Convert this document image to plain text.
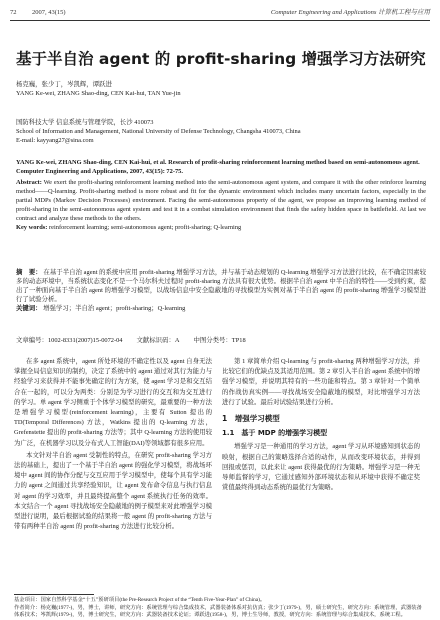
72 2007, 43(15)	Computer Engineering and Applications 计算机工程与应用
基于半自治 agent 的 profit-sharing 增强学习方法研究

杨克巍，张少丁，岑凯辉，谭跃进

YANG Ke-wei, ZHANG Shao-ding, CEN Kai-hui, TAN Yue-jin

国防科技大学 信息系统与管理学院，长沙 410073

School of Information and Management, National University of Defense Technology, Changsha 410073, China

E-mail: kayyang27@sina.com

YANG Ke-wei, ZHANG Shao-ding, CEN Kai-hui, et al. Research of profit-sharing reinforcement learning method based on semi-autonomous agent. Computer Engineering and Applications, 2007, 43(15): 72-75.

Abstract: We exert the profit-sharing reinforcement learning method into the semi-autonomous agent system, and compare it with the other reinforce learning method——Q-learning. Profit-sharing method is more robust and fit for the dynamic environment which includes many uncertain factors, especially in the partial MDPs (Markov Decision Processes) environment. Facing the semi-autonomous property of the agent, we propose an improving learning method of profit-sharing in the semi-autonomous agent system and test it in a combat simulation environment that finds the safety hidden space in battlefield. At last we contract and analyze these methods to the others.

Key words: reinforcement learning; semi-autonomous agent; profit-sharing; Q-learning

摘　要： 在基于半自治 agent 的系统中应用 profit-sharing 增强学习方法，并与基于动态规划的 Q-learning 增强学习方法进行比较，在不确定因素较多的动态环境中，当系统状态变化不是一个马尔科夫过程时 profit-sharing 方法具有很大优势。根据半自治 agent 中半自治的特性——受到约束，提出了一种面向基于半自治 agent 的增强学习模型，以战场信息中安全隐蔽地的寻找模型为实例对基于半自治 agent 的 profit-sharing 增强学习模型进行了试验分析。

关键词： 增强学习；半自治 agent；profit-sharing；Q-learning

文章编号：1002-8331(2007)15-0072-04 文献标识码：A 中图分类号：TP18

在多 agent 系统中，agent 所处环境的不确定性以及 agent 自身无法掌握全局信息知识的制约，决定了系统中的 agent 通过对其行为能力与经验学习来获得并不能事先确定的行为方案，使 agent 学习是和交互结合在一起的，可以分为两类：分别是为学习进行的交互和为交互进行的学习。单 agent 学习侧重于个体学习模型的研究，最重要的一种方法是增强学习模型(reinforcement learning)，主要有 Sutton 提出的 TD(Temporal Differences) 方法，Watkins 提出的 Q-learning 方法，Grefenstette 提出的 profit-sharing 方法等；其中 Q-learning 方法的使用较为广泛，在机器学习以及分布式人工智能(DAI)等领域都有很多应用。

本文针对半自治 agent 受制性的特点，在研究 profit-sharing 学习方法的基础上，提出了一个基于半自治 agent 的强化学习模型，将战场环境中 agent 间的协作分配与交互应用于学习模型中，使每个具有学习能力的 agent 之间通过共享经验知识，让 agent 发布命令信息与执行信息对 agent 的学习效率，并且最终提高整个 agent 系统执行任务的效率。本文结合一个 agent 寻找战场安全隐蔽地的例子模型来对此增强学习模型进行说明，最后根据试验的结果将一般 agent 的 profit-sharing 方法与带有两种半自治 agent 的 profit-sharing 方法进行比较分析。

第 1 章简单介绍 Q-learning 与 profit-sharing 两种增强学习方法，并比较它们的优缺点及其适用范围。第 2 章引入半自治 agent 系统中的增强学习模型，并说明其特有的一些功能和特点。第 3 章针对一个简单的作战仿真实例——寻找战场安全隐蔽地的模型，对比增强学习方法进行了试验。最后对试验结果进行分析。

1　增强学习模型
1.1　基于 MDP 的增强学习模型

增强学习是一种通用的学习方法，agent 学习从环境感知到状态的映射，根据自己的策略选择合适的动作，从而改变环境状态，并得到回报或惩罚，以此来让 agent 获得最优的行为策略。增强学习是一种无导师监督的学习，它通过感知外部环境状态和从环境中获得不确定奖赏值最终得到动态系统的最优行为策略。

基金项目：国家自然科学基金“十五”预研项目(the Pre-Research Project of the “Tenth Five-Year-Plan” of China)。

作者简介：杨克巍(1977-)，男，博士，讲师，研究方向：系统管理与综合集成技术，武器装备体系对抗仿真；张少丁(1979-)，男，硕士研究生，研究方向：系统管理，武器装备体系技术；岑凯辉(1979-)，男，博士研究生，研究方向：武器装备技术论证；谭跃进(1958-)，男，博士生导师，教授，研究方向：系统管理与综合集成技术，系统工程。
